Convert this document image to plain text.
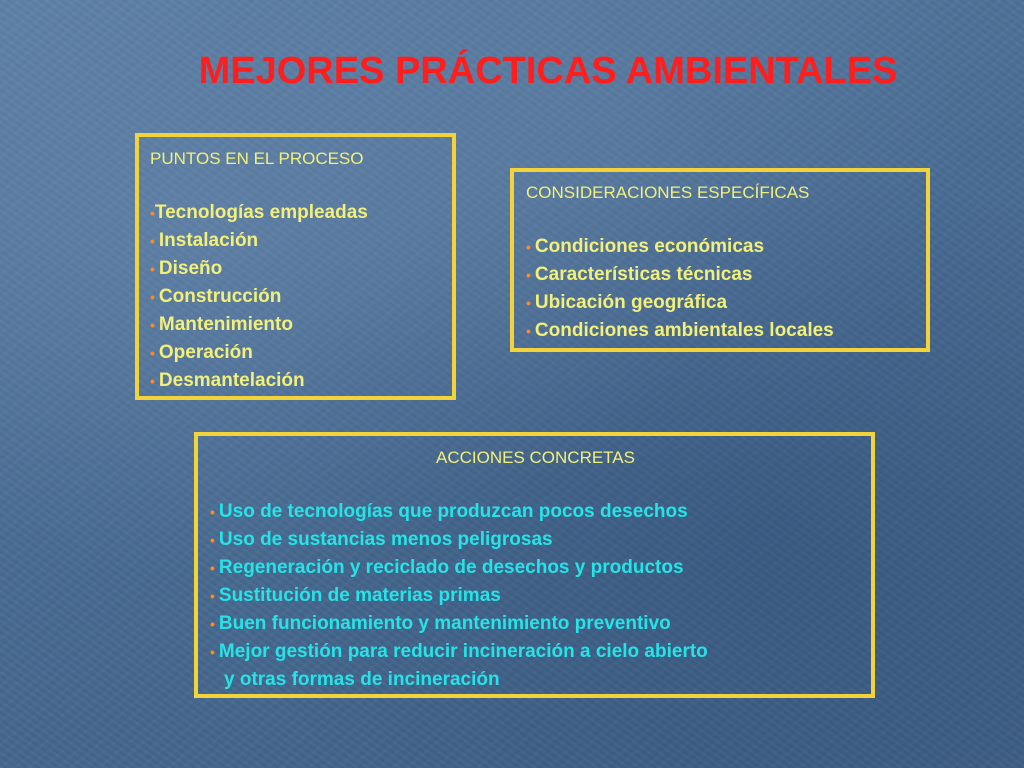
MEJORES PRÁCTICAS AMBIENTALES
PUNTOS EN EL PROCESO
•Tecnologías empleadas
• Instalación
• Diseño
• Construcción
• Mantenimiento
• Operación
• Desmantelación
CONSIDERACIONES ESPECÍFICAS
• Condiciones económicas
• Características técnicas
• Ubicación geográfica
• Condiciones ambientales locales
ACCIONES CONCRETAS
• Uso de tecnologías que produzcan pocos desechos
• Uso de sustancias menos peligrosas
• Regeneración y reciclado de desechos y productos
• Sustitución de materias primas
• Buen funcionamiento y mantenimiento preventivo
• Mejor gestión para reducir incineración a cielo abierto
y otras formas de incineración
